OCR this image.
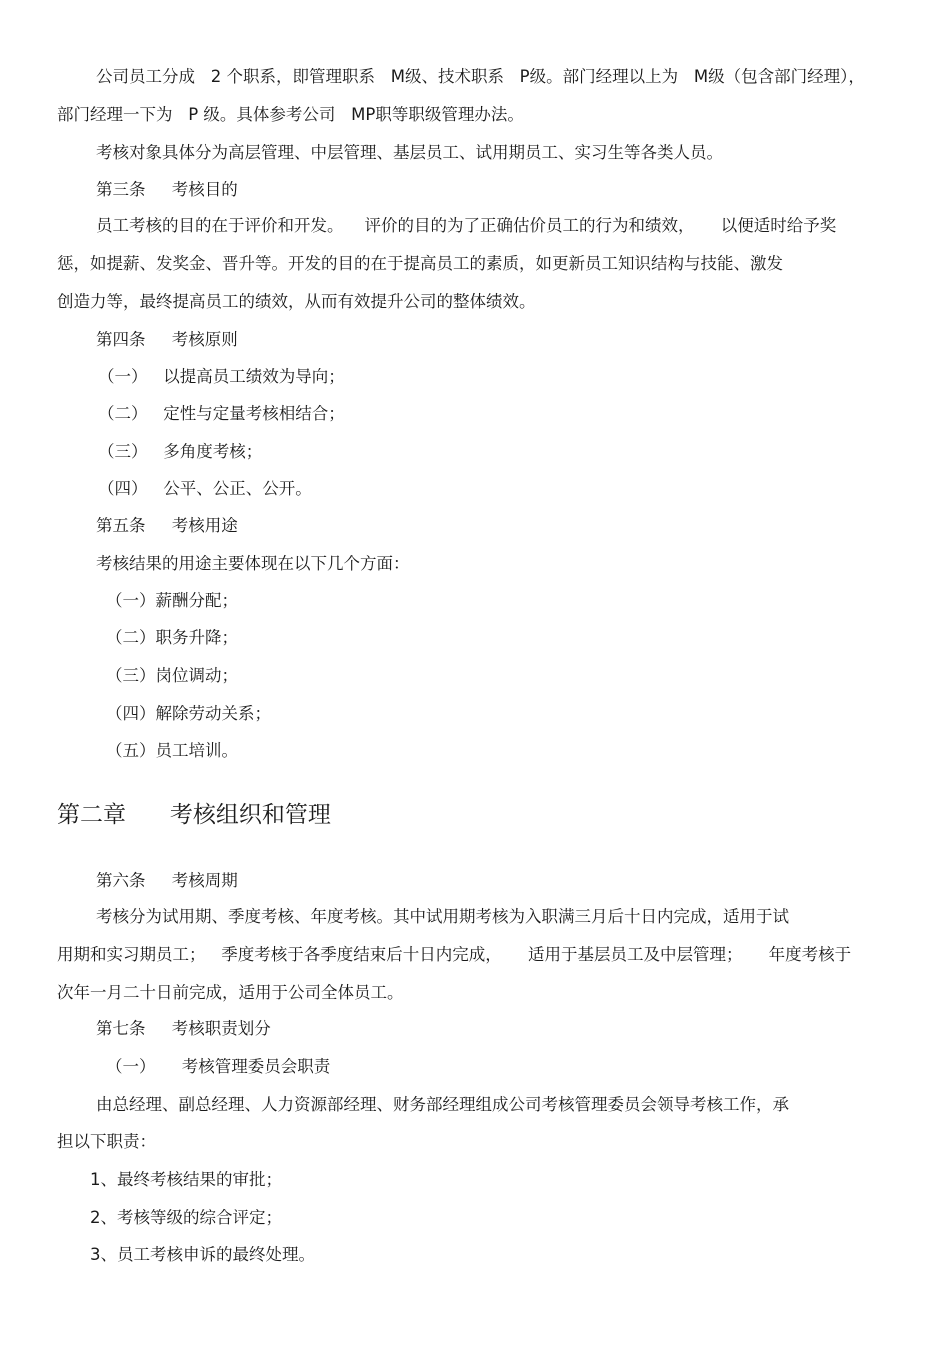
公司员工分成   2 个职系，即管理职系   M级、技术职系   P级。部门经理以上为   M级（包含部门经理），
部门经理一下为   P 级。具体参考公司   MP职等职级管理办法。
考核对象具体分为高层管理、中层管理、基层员工、试用期员工、实习生等各类人员。
第三条     考核目的
员工考核的目的在于评价和开发。    评价的目的为了正确估价员工的行为和绩效，     以便适时给予奖
惩，如提薪、发奖金、晋升等。开发的目的在于提高员工的素质，如更新员工知识结构与技能、激发
创造力等，最终提高员工的绩效，从而有效提升公司的整体绩效。
第四条     考核原则
（一）   以提高员工绩效为导向；
（二）   定性与定量考核相结合；
（三）   多角度考核；
（四）   公平、公正、公开。
第五条     考核用途
考核结果的用途主要体现在以下几个方面：
（一）薪酬分配；
（二）职务升降；
（三）岗位调动；
（四）解除劳动关系；
（五）员工培训。
第二章      考核组织和管理
第六条     考核周期
考核分为试用期、季度考核、年度考核。其中试用期考核为入职满三月后十日内完成，适用于试
用期和实习期员工；   季度考核于各季度结束后十日内完成，     适用于基层员工及中层管理；     年度考核于
次年一月二十日前完成，适用于公司全体员工。
第七条     考核职责划分
（一）     考核管理委员会职责
由总经理、副总经理、人力资源部经理、财务部经理组成公司考核管理委员会领导考核工作，承
担以下职责：
1、最终考核结果的审批；
2、考核等级的综合评定；
3、员工考核申诉的最终处理。
